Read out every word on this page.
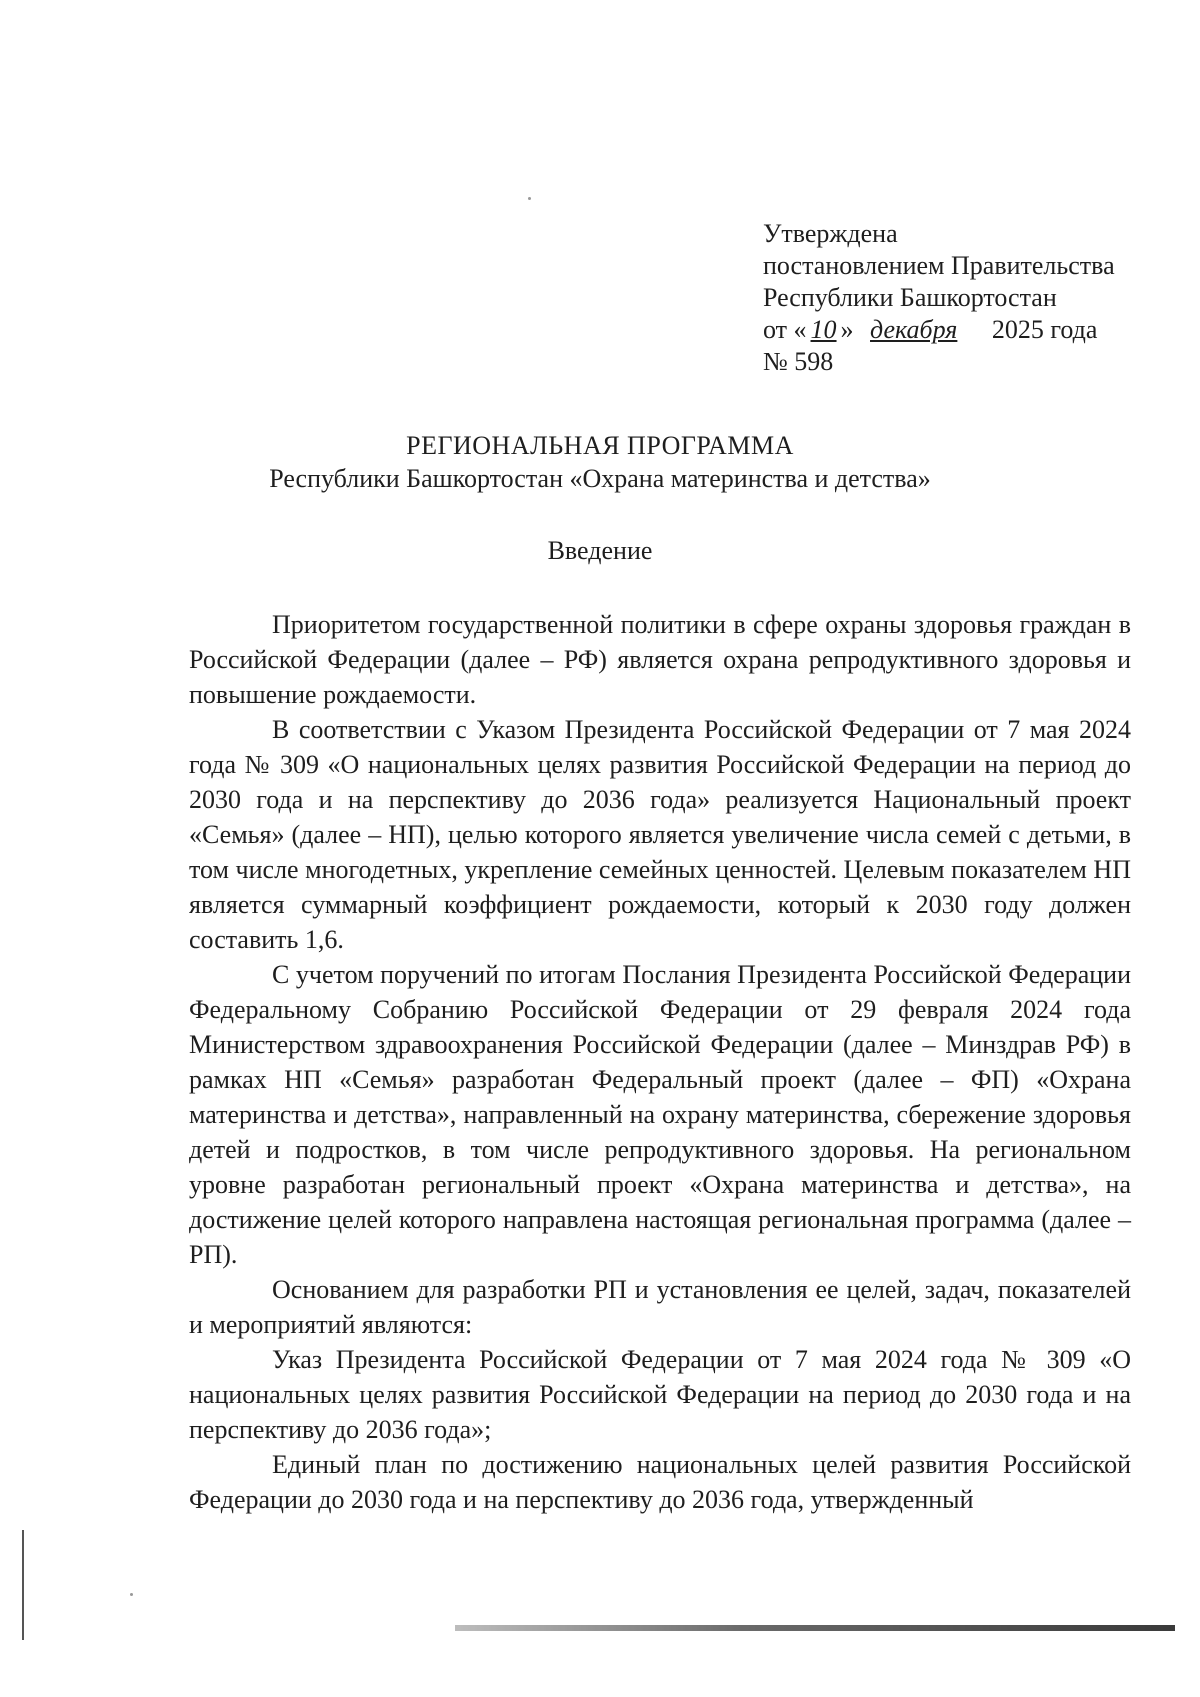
Утверждена
постановлением Правительства
Республики Башкортостан
от « 10 » декабря 2025 года
№ 598
РЕГИОНАЛЬНАЯ ПРОГРАММА
Республики Башкортостан «Охрана материнства и детства»
Введение

Приоритетом государственной политики в сфере охраны здоровья граждан в Российской Федерации (далее – РФ) является охрана репродуктивного здоровья и повышение рождаемости.

В соответствии с Указом Президента Российской Федерации от 7 мая 2024 года № 309 «О национальных целях развития Российской Федерации на период до 2030 года и на перспективу до 2036 года» реализуется Национальный проект «Семья» (далее – НП), целью которого является увеличение числа семей с детьми, в том числе многодетных, укрепление семейных ценностей. Целевым показателем НП является суммарный коэффициент рождаемости, который к 2030 году должен составить 1,6.

С учетом поручений по итогам Послания Президента Российской Федерации Федеральному Собранию Российской Федерации от 29 февраля 2024 года Министерством здравоохранения Российской Федерации (далее – Минздрав РФ) в рамках НП «Семья» разработан Федеральный проект (далее – ФП) «Охрана материнства и детства», направленный на охрану материнства, сбережение здоровья детей и подростков, в том числе репродуктивного здоровья. На региональном уровне разработан региональный проект «Охрана материнства и детства», на достижение целей которого направлена настоящая региональная программа (далее – РП).

Основанием для разработки РП и установления ее целей, задач, показателей и мероприятий являются:

Указ Президента Российской Федерации от 7 мая 2024 года № 309 «О национальных целях развития Российской Федерации на период до 2030 года и на перспективу до 2036 года»;

Единый план по достижению национальных целей развития Российской Федерации до 2030 года и на перспективу до 2036 года, утвержденный
